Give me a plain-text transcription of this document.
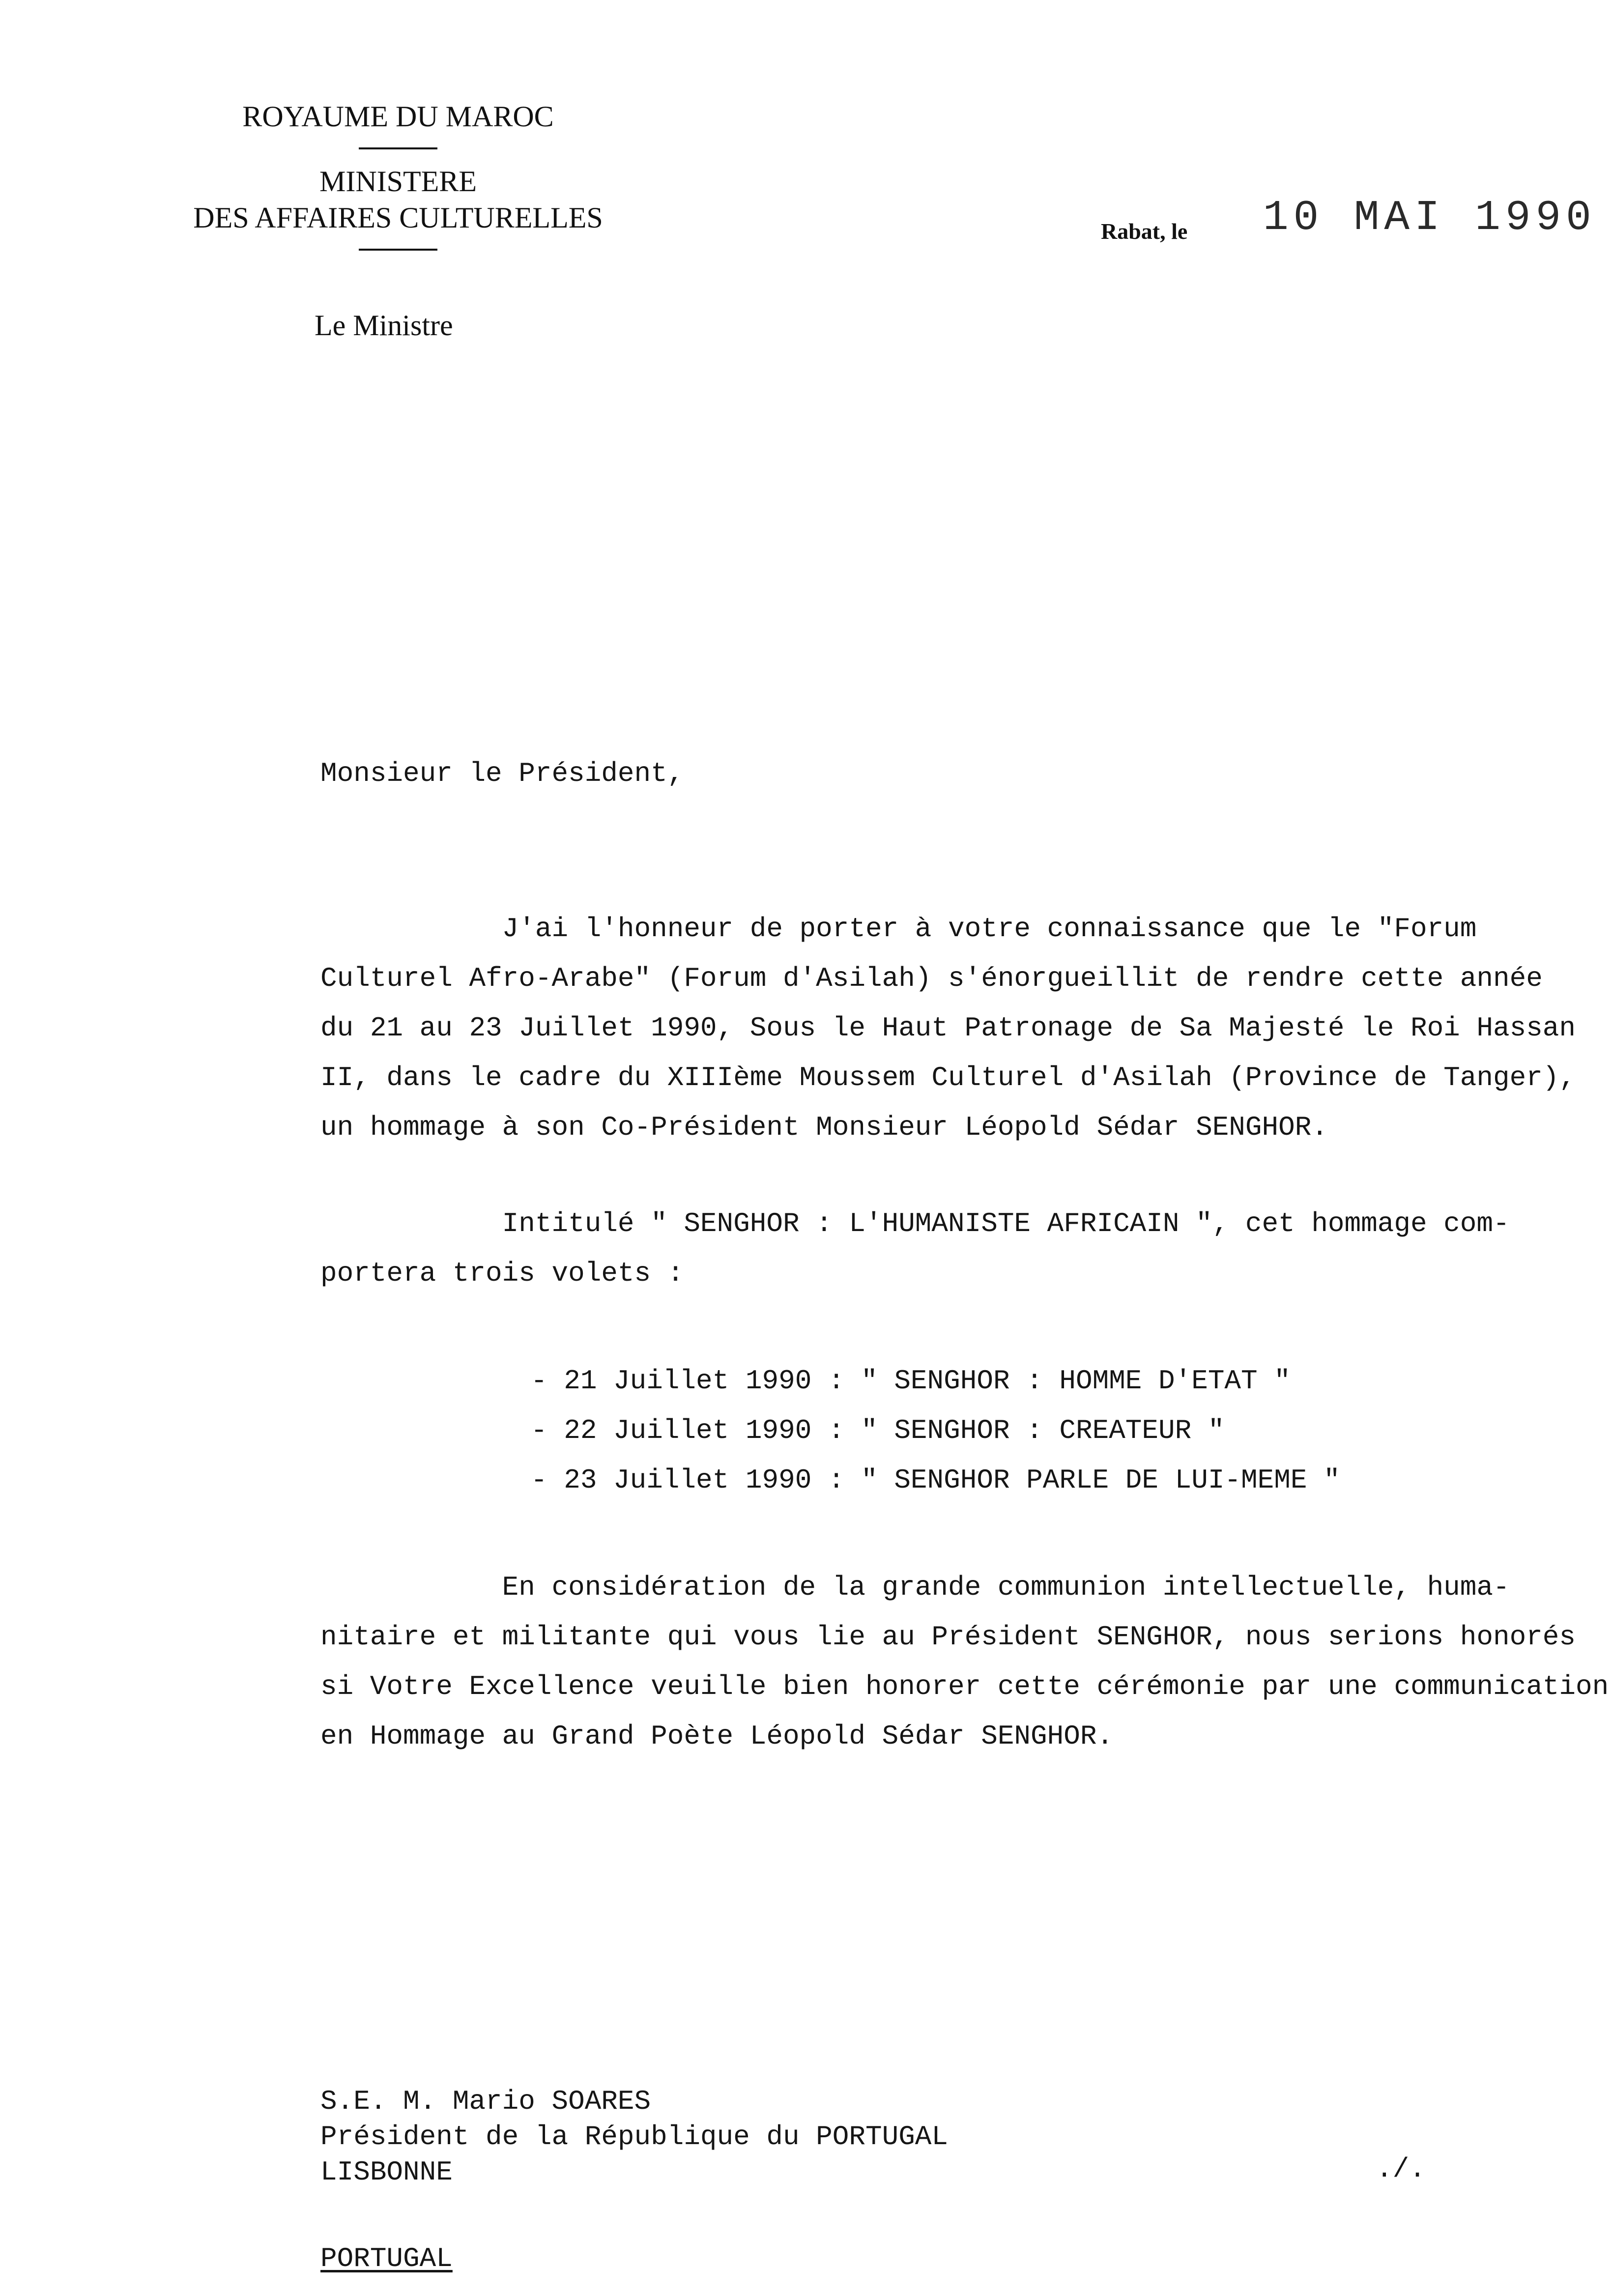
ROYAUME DU MAROC
MINISTERE
DES AFFAIRES CULTURELLES
Le Ministre
Rabat, le 10 MAI 1990
Monsieur le Président,
J'ai l'honneur de porter à votre connaissance que le "Forum
Culturel Afro-Arabe" (Forum d'Asilah) s'énorgueillit de rendre cette année
du 21 au 23 Juillet 1990, Sous le Haut Patronage de Sa Majesté le Roi Hassan
II, dans le cadre du XIIIème Moussem Culturel d'Asilah (Province de Tanger),
un hommage à son Co-Président Monsieur Léopold Sédar SENGHOR.
Intitulé " SENGHOR : L'HUMANISTE AFRICAIN ", cet hommage com-
portera trois volets :
- 21 Juillet 1990 : " SENGHOR : HOMME D'ETAT "
- 22 Juillet 1990 : " SENGHOR : CREATEUR "
- 23 Juillet 1990 : " SENGHOR PARLE DE LUI-MEME "
En considération de la grande communion intellectuelle, huma-
nitaire et militante qui vous lie au Président SENGHOR, nous serions honorés
si Votre Excellence veuille bien honorer cette cérémonie par une communication
en Hommage au Grand Poète Léopold Sédar SENGHOR.
S.E. M. Mario SOARES
Président de la République du PORTUGAL
LISBONNE
PORTUGAL
./.
